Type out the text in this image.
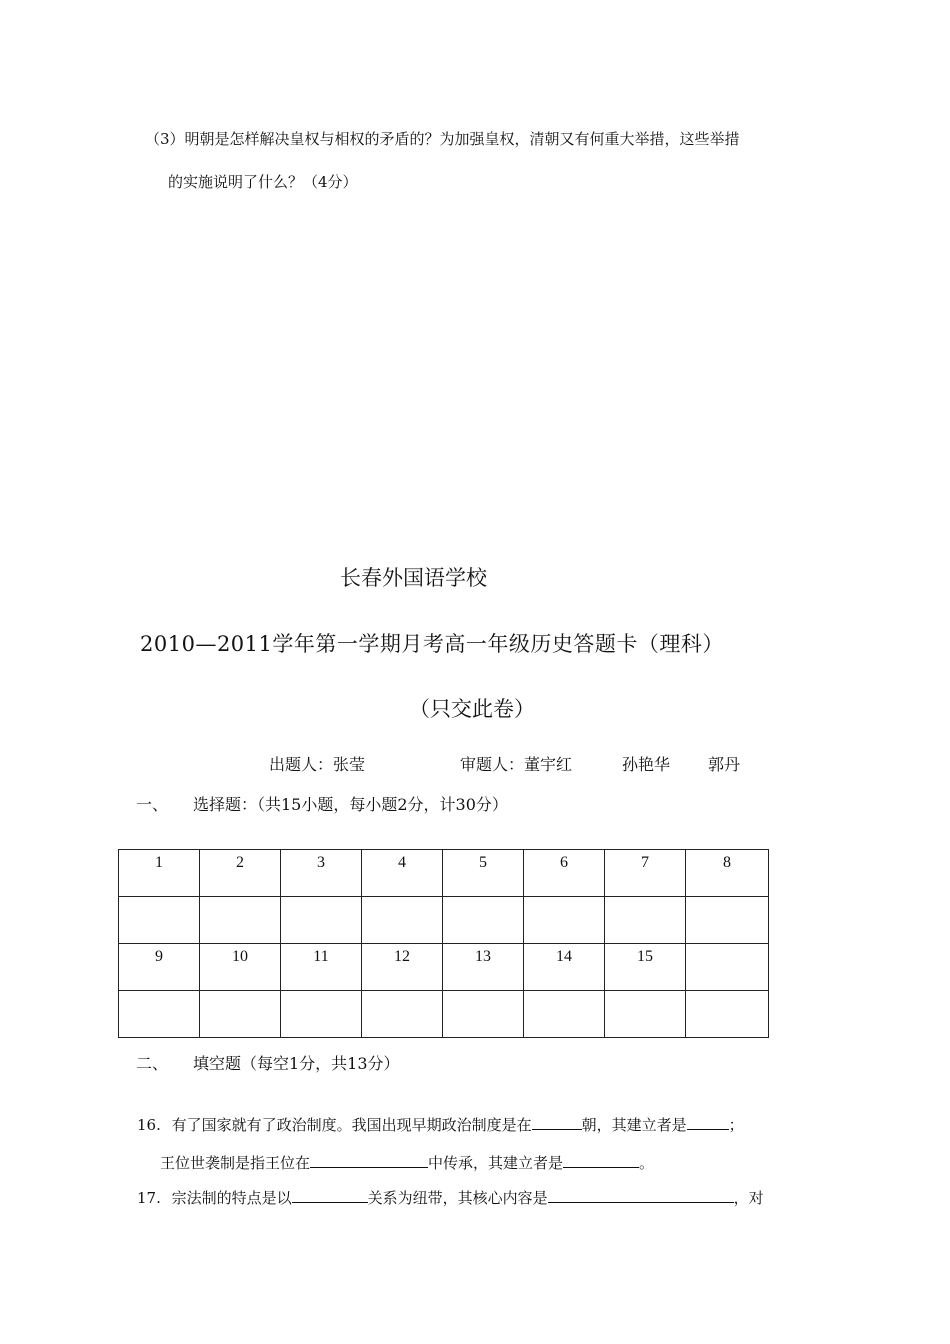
（3）明朝是怎样解决皇权与相权的矛盾的？为加强皇权，清朝又有何重大举措，这些举措
的实施说明了什么？（4分）
长春外国语学校
2010—2011学年第一学期月考高一年级历史答题卡（理科）
（只交此卷）
出题人：张莹	审题人：董宇红	孙艳华 郭丹
一、 选择题：（共15小题，每小题2分，计30分）
1	2	3	4	5	6	7	8

9	10	11	12	13	14	15	

二、 填空题（每空1分，共13分）
16. 有了国家就有了政治制度。我国出现早期政治制度是在	朝，其建立者是	；
王位世袭制是指王位在	中传承，其建立者是	。
17. 宗法制的特点是以	关系为纽带，其核心内容是	，对
